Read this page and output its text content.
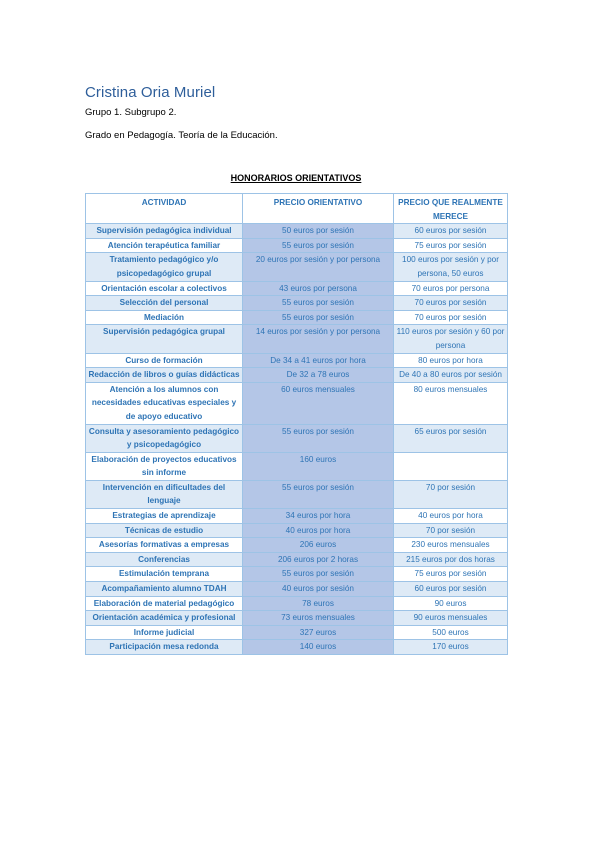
Cristina Oria Muriel
Grupo 1. Subgrupo 2.
Grado en Pedagogía. Teoría de la Educación.
HONORARIOS ORIENTATIVOS
ACTIVIDAD	PRECIO ORIENTATIVO	PRECIO QUE REALMENTE MERECE
Supervisión pedagógica individual	50 euros por sesión	60 euros por sesión
Atención terapéutica familiar	55 euros por sesión	75 euros por sesión
Tratamiento pedagógico y/o psicopedagógico grupal	20 euros por sesión y por persona	100 euros por sesión y por persona, 50 euros
Orientación escolar a colectivos	43 euros por persona	70 euros por persona
Selección del personal	55 euros por sesión	70 euros por sesión
Mediación	55 euros por sesión	70 euros por sesión
Supervisión pedagógica grupal	14 euros por sesión y por persona	110 euros por sesión y 60 por persona
Curso de formación	De 34 a 41 euros por hora	80 euros por hora
Redacción de libros o guías didácticas	De 32 a 78 euros	De 40 a 80 euros por sesión
Atención a los alumnos con necesidades educativas especiales y de apoyo educativo	60 euros mensuales	80 euros mensuales
Consulta y asesoramiento pedagógico y psicopedagógico	55 euros por sesión	65 euros por sesión
Elaboración de proyectos educativos sin informe	160 euros	
Intervención en dificultades del lenguaje	55 euros por sesión	70 por sesión
Estrategias de aprendizaje	34 euros por hora	40 euros por hora
Técnicas de estudio	40 euros por hora	70 por sesión
Asesorías formativas a empresas	206 euros	230 euros mensuales
Conferencias	206 euros por 2 horas	215 euros por dos horas
Estimulación temprana	55 euros por sesión	75 euros por sesión
Acompañamiento alumno TDAH	40 euros por sesión	60 euros por sesión
Elaboración de material pedagógico	78 euros	90 euros
Orientación académica y profesional	73 euros mensuales	90 euros mensuales
Informe judicial	327 euros	500 euros
Participación mesa redonda	140 euros	170 euros
